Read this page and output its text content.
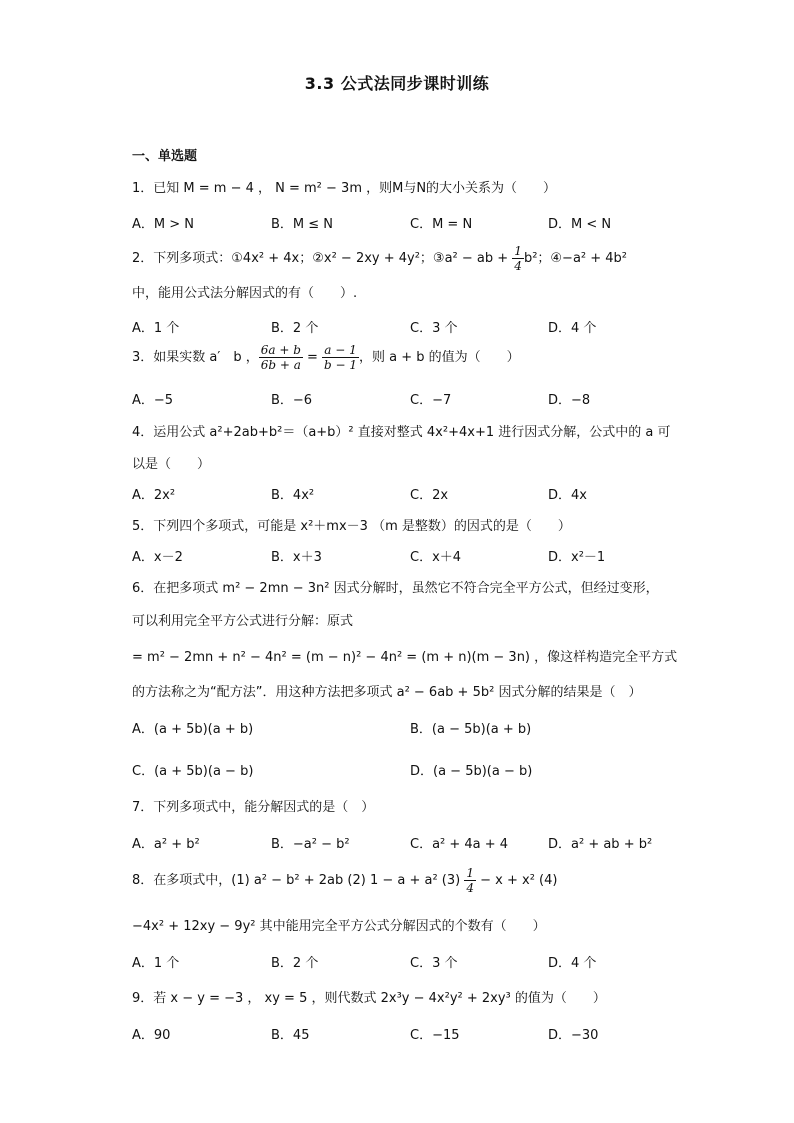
3.3 公式法同步课时训练
一、单选题
1．已知 M = m − 4 ， N = m² − 3m ，则M与N的大小关系为（　　）
A．M > N	B．M ≤ N	C．M = N	D．M < N
2．下列多项式：①4x² + 4x；②x² − 2xy + 4y²；③a² − ab + $\frac{1}{4} b^2$；④−a² + 4b²
中，能用公式法分解因式的有（　　）.
A．1 个	B．2 个	C．3 个	D．4 个
3．如果实数 a′　b ， $\frac{6a + b}{6b + a} = \frac{a - 1}{b - 1}$ ，则 a + b 的值为（　　）
A．−5	B．−6	C．−7	D．−8
4．运用公式 a²+2ab+b²＝（a+b）² 直接对整式 4x²+4x+1 进行因式分解，公式中的 a 可
以是（　　）
A．2x²	B．4x²	C．2x	D．4x
5．下列四个多项式，可能是 x²＋mx－3 （m 是整数）的因式的是（　　）
A．x－2	B．x＋3	C．x＋4	D．x²－1
6．在把多项式 m² − 2mn − 3n² 因式分解时，虽然它不符合完全平方公式，但经过变形，
可以利用完全平方公式进行分解：原式
= m² − 2mn + n² − 4n² = (m − n)² − 4n² = (m + n)(m − 3n) ，像这样构造完全平方式
的方法称之为“配方法”．用这种方法把多项式 a² − 6ab + 5b² 因式分解的结果是（　）
A．(a + 5b)(a + b)	B．(a − 5b)(a + b)
C．(a + 5b)(a − b)	D．(a − 5b)(a − b)
7．下列多项式中，能分解因式的是（　）
A．a² + b²	B．−a² − b²	C．a² + 4a + 4	D．a² + ab + b²
8．在多项式中，(1) a² − b² + 2ab (2) 1 − a + a² $(3) \frac{1}{4} - x + x^2$ (4)
−4x² + 12xy − 9y² 其中能用完全平方公式分解因式的个数有（　　）
A．1 个	B．2 个	C．3 个	D．4 个
9．若 x − y = −3 ， xy = 5 ，则代数式 2x³y − 4x²y² + 2xy³ 的值为（　　）
A．90	B．45	C．−15	D．−30
